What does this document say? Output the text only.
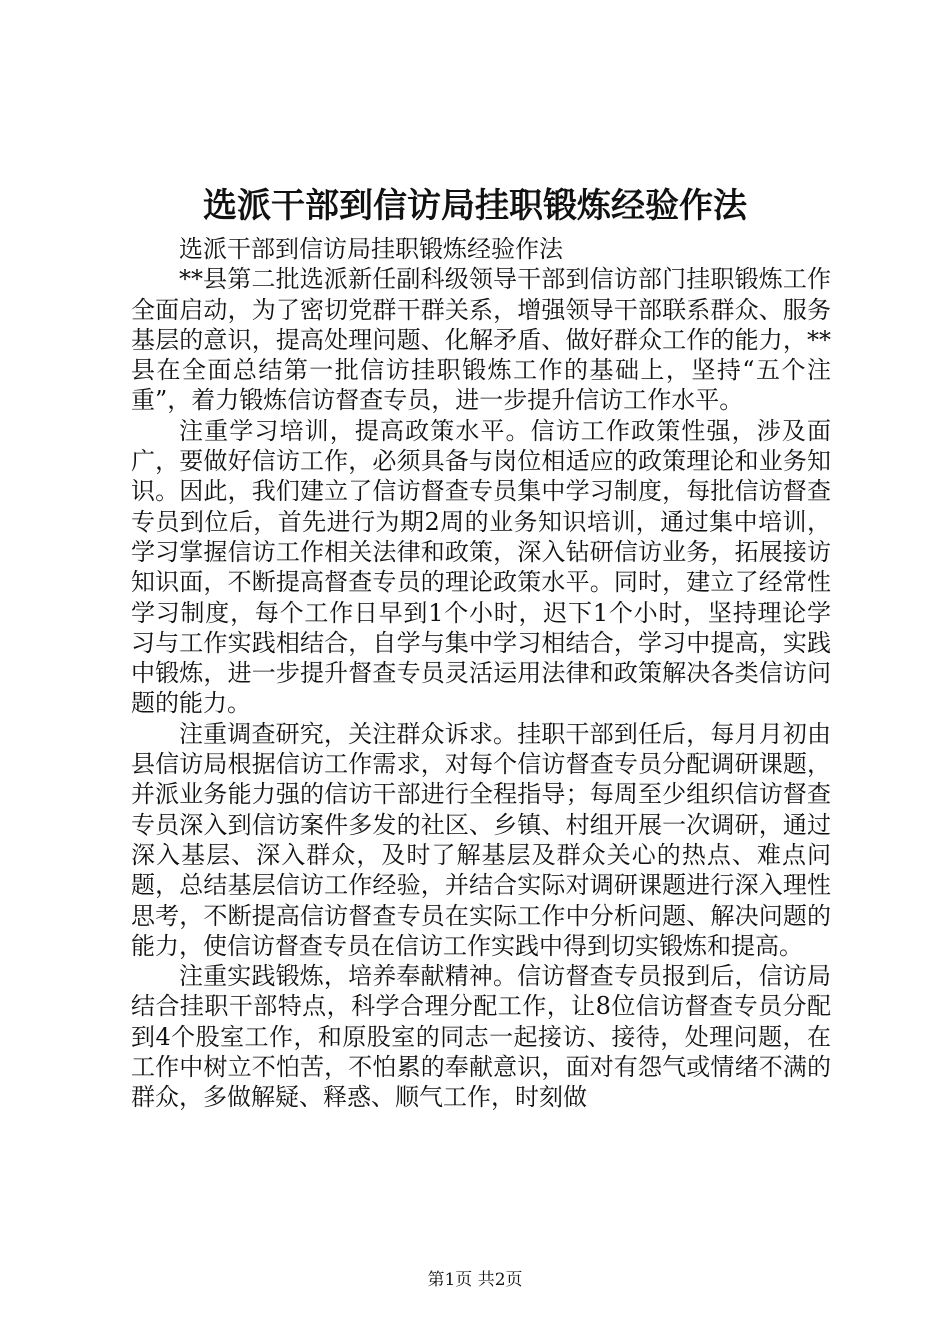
选派干部到信访局挂职锻炼经验作法

选派干部到信访局挂职锻炼经验作法

**县第二批选派新任副科级领导干部到信访部门挂职锻炼工作全面启动，为了密切党群干群关系，增强领导干部联系群众、服务基层的意识，提高处理问题、化解矛盾、做好群众工作的能力，**县在全面总结第一批信访挂职锻炼工作的基础上，坚持“五个注重”，着力锻炼信访督查专员，进一步提升信访工作水平。

注重学习培训，提高政策水平。信访工作政策性强，涉及面广，要做好信访工作，必须具备与岗位相适应的政策理论和业务知识。因此，我们建立了信访督查专员集中学习制度，每批信访督查专员到位后，首先进行为期2周的业务知识培训，通过集中培训，学习掌握信访工作相关法律和政策，深入钻研信访业务，拓展接访知识面，不断提高督查专员的理论政策水平。同时，建立了经常性学习制度，每个工作日早到1个小时，迟下1个小时，坚持理论学习与工作实践相结合，自学与集中学习相结合，学习中提高，实践中锻炼，进一步提升督查专员灵活运用法律和政策解决各类信访问题的能力。

注重调查研究，关注群众诉求。挂职干部到任后，每月月初由县信访局根据信访工作需求，对每个信访督查专员分配调研课题，并派业务能力强的信访干部进行全程指导；每周至少组织信访督查专员深入到信访案件多发的社区、乡镇、村组开展一次调研，通过深入基层、深入群众，及时了解基层及群众关心的热点、难点问题，总结基层信访工作经验，并结合实际对调研课题进行深入理性思考，不断提高信访督查专员在实际工作中分析问题、解决问题的能力，使信访督查专员在信访工作实践中得到切实锻炼和提高。

注重实践锻炼，培养奉献精神。信访督查专员报到后，信访局结合挂职干部特点，科学合理分配工作，让8位信访督查专员分配到4个股室工作，和原股室的同志一起接访、接待，处理问题，在工作中树立不怕苦，不怕累的奉献意识，面对有怨气或情绪不满的群众，多做解疑、释惑、顺气工作，时刻做

第1页 共2页
